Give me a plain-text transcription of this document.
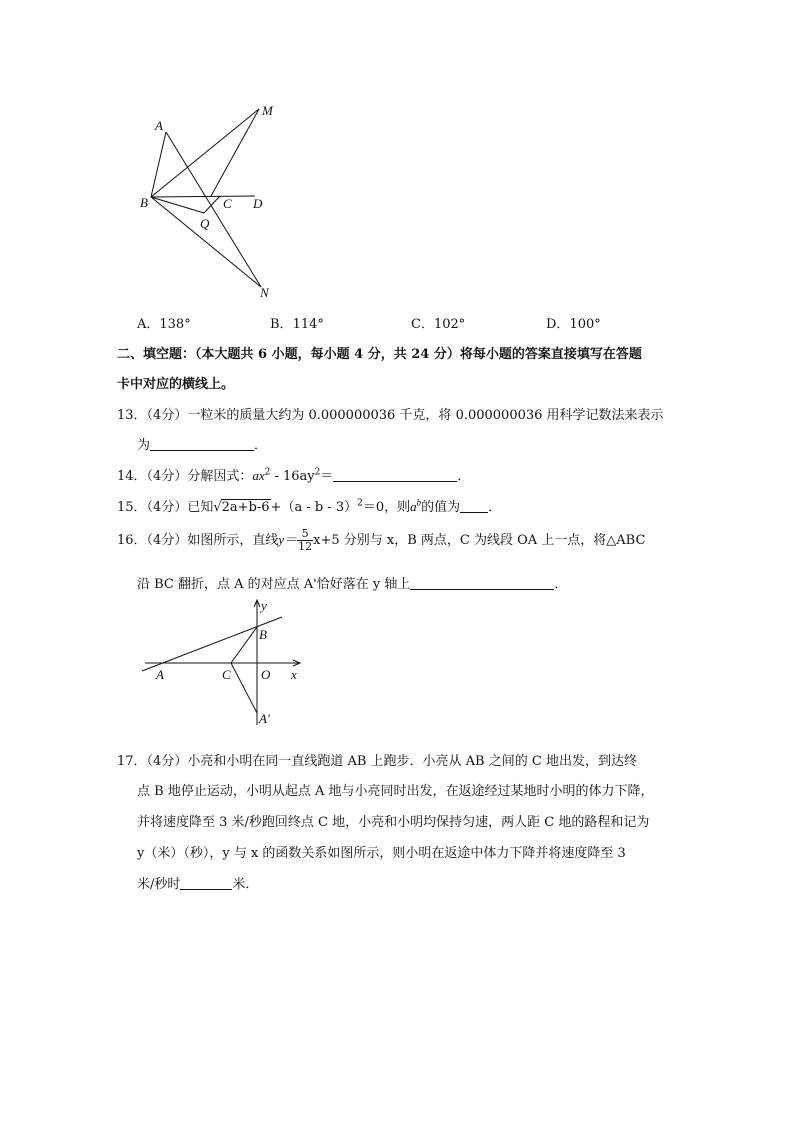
A
M
B	C D
Q
N
A．138°	B．114°	C．102°	D．100°
二、填空题：（本大题共 6 小题，每小题 4 分，共 24 分）将每小题的答案直接填写在答题
卡中对应的横线上。
13．（4分）一粒米的质量大约为 0.000000036 千克，将 0.000000036 用科学记数法来表示
为	．
14．（4分）分解因式：$ax^2 - 16ay^2=$	．
15．（4分）已知√2a+b-6+（a - b - 3）$^2$＝0，则$a^b$的值为 ．
16．（4分）如图所示，直线$y= \frac{5}{12} x+5$ 分别与 x，B 两点，C 为线段 OA 上一点，将△ABC
沿 BC 翻折，点 A 的对应点 A'恰好落在 y 轴上	．
y
B
A	C O x
A'
17．（4分）小亮和小明在同一直线跑道 AB 上跑步．小亮从 AB 之间的 C 地出发，到达终
点 B 地停止运动，小明从起点 A 地与小亮同时出发，在返途经过某地时小明的体力下降，
并将速度降至 3 米/秒跑回终点 C 地，小亮和小明均保持匀速，两人距 C 地的路程和记为
y（米）（秒），y 与 x 的函数关系如图所示，则小明在返途中体力下降并将速度降至 3
米/秒时	米．
